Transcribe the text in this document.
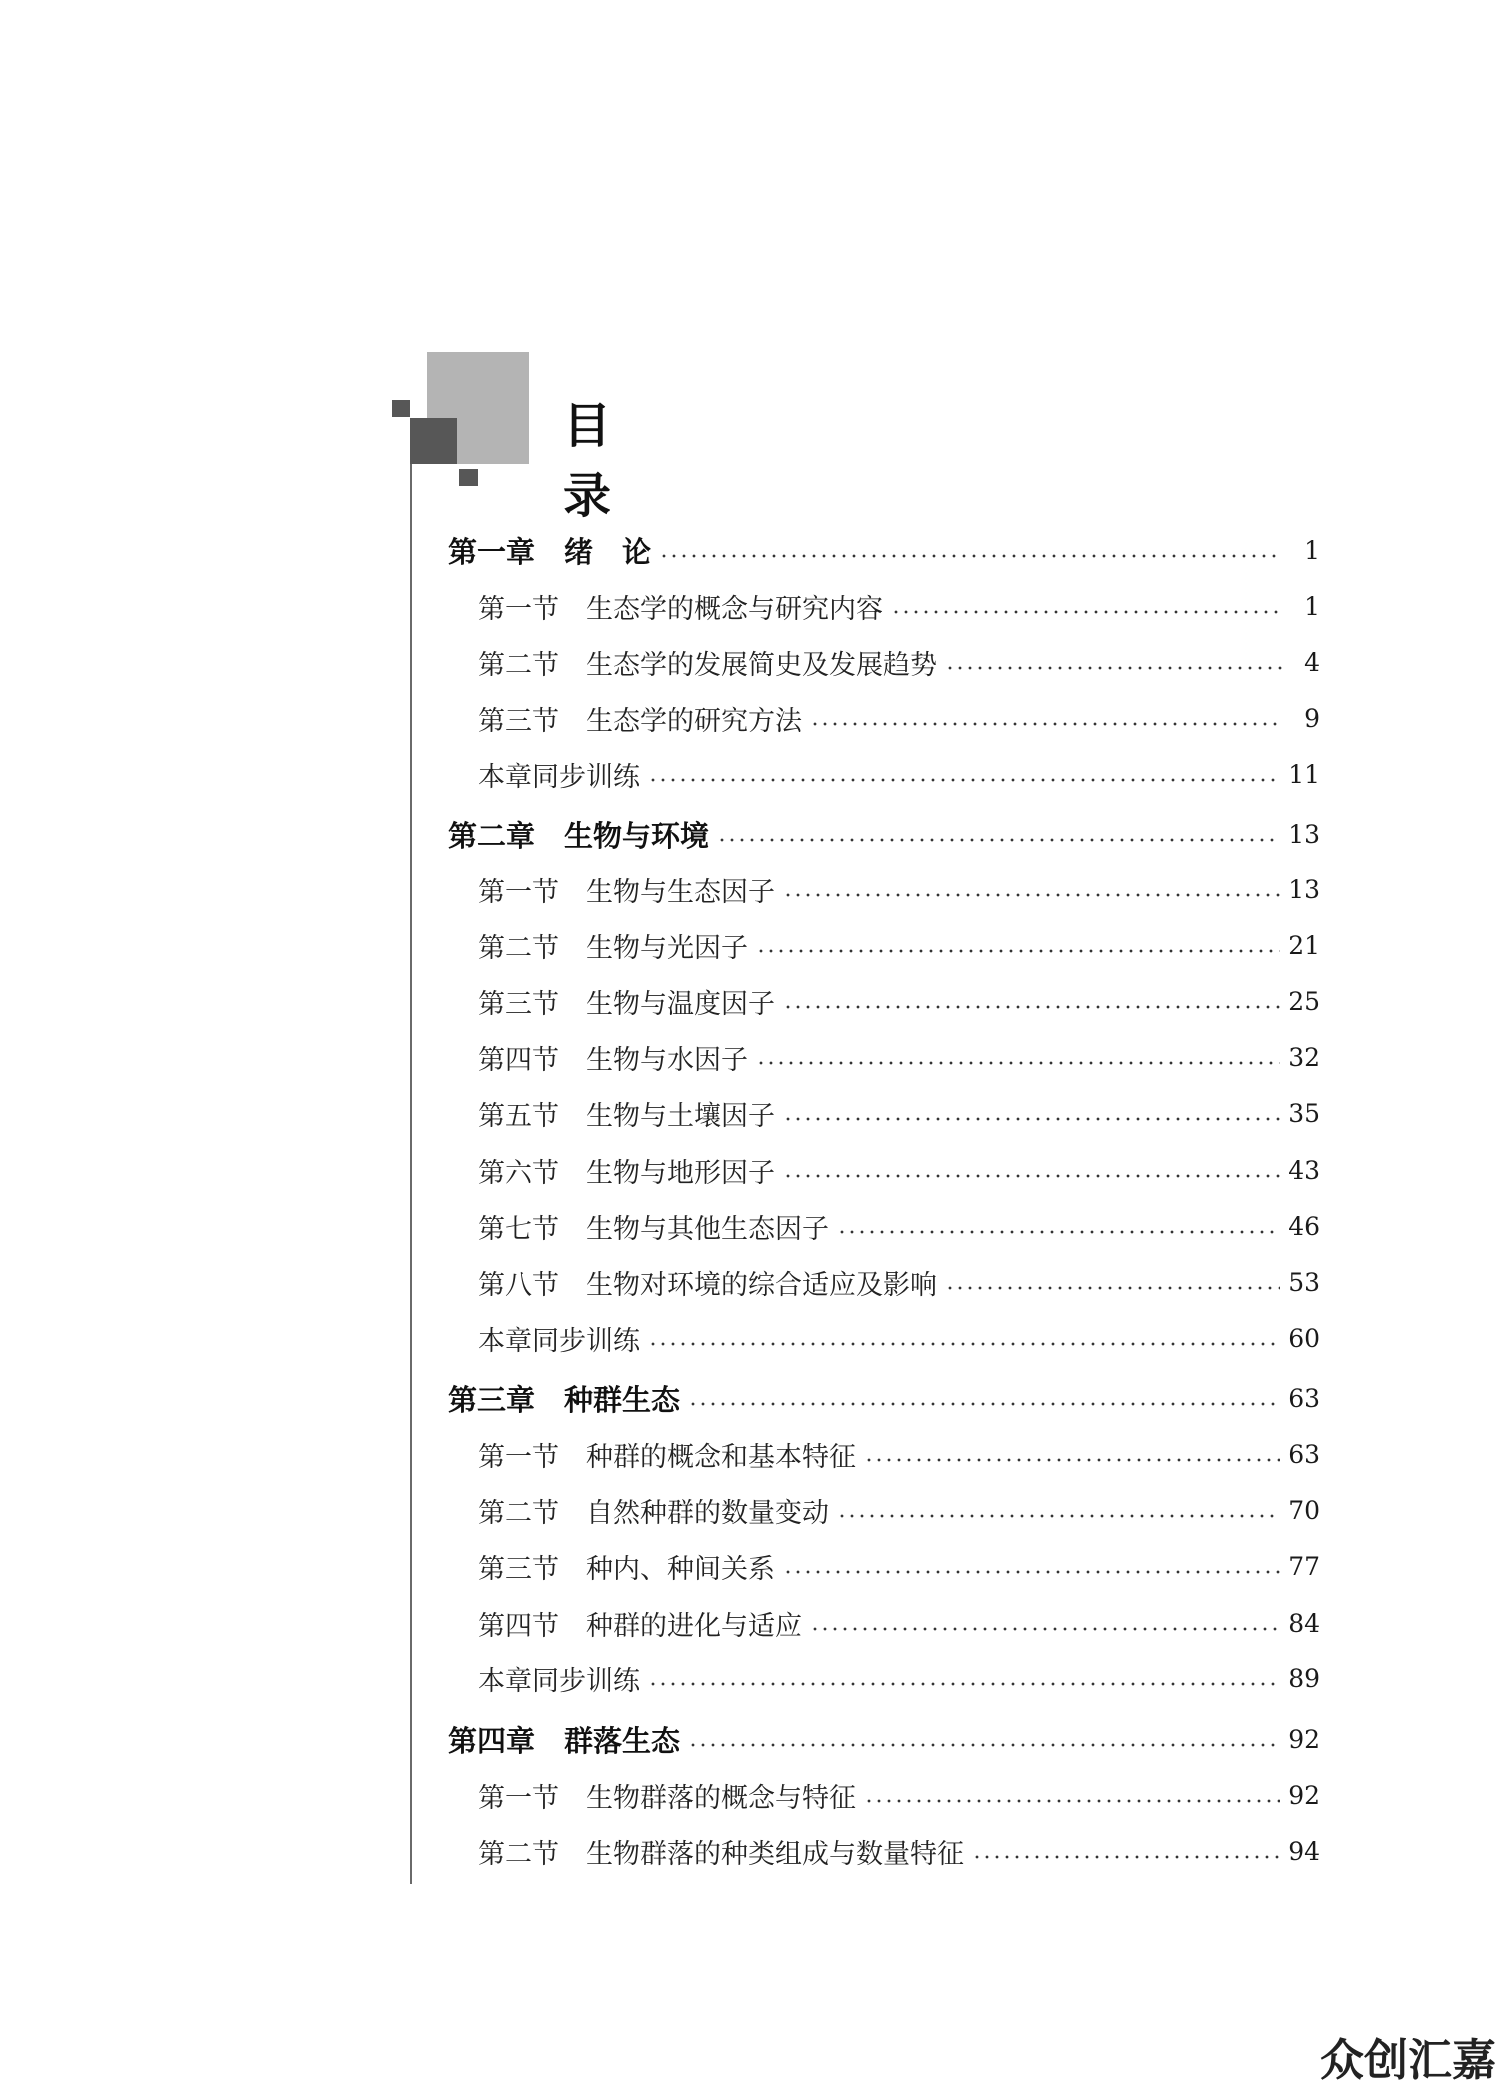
目录
第一章　绪　论	1
第一节　生态学的概念与研究内容	1
第二节　生态学的发展简史及发展趋势	4
第三节　生态学的研究方法	9
本章同步训练	11
第二章　生物与环境	13
第一节　生物与生态因子	13
第二节　生物与光因子	21
第三节　生物与温度因子	25
第四节　生物与水因子	32
第五节　生物与土壤因子	35
第六节　生物与地形因子	43
第七节　生物与其他生态因子	46
第八节　生物对环境的综合适应及影响	53
本章同步训练	60
第三章　种群生态	63
第一节　种群的概念和基本特征	63
第二节　自然种群的数量变动	70
第三节　种内、种间关系	77
第四节　种群的进化与适应	84
本章同步训练	89
第四章　群落生态	92
第一节　生物群落的概念与特征	92
第二节　生物群落的种类组成与数量特征	94
众创汇嘉
